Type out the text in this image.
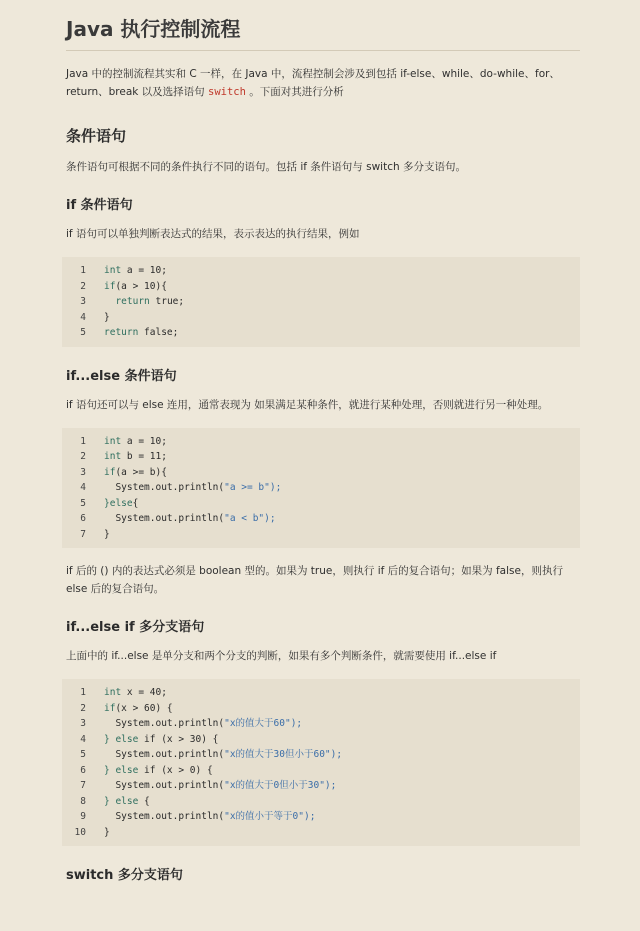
Java 执行控制流程

Java 中的控制流程其实和 C 一样，在 Java 中，流程控制会涉及到包括 if-else、while、do-while、for、return、break 以及选择语句 switch 。下面对其进行分析

条件语句

条件语句可根据不同的条件执行不同的语句。包括 if 条件语句与 switch 多分支语句。

if 条件语句

if 语句可以单独判断表达式的结果，表示表达的执行结果，例如

1 int a = 10;
2 if(a > 10){
3	return true;
4 }
5 return false;
if...else 条件语句

if 语句还可以与 else 连用，通常表现为 如果满足某种条件，就进行某种处理，否则就进行另一种处理。

1 int a = 10;
2 int b = 11;
3 if(a >= b){
4  System.out.println("a >= b");
5 }else{
6  System.out.println("a < b");
7 }

if 后的 () 内的表达式必须是 boolean 型的。如果为 true，则执行 if 后的复合语句；如果为 false，则执行 else 后的复合语句。

if...else if 多分支语句

上面中的 if...else 是单分支和两个分支的判断，如果有多个判断条件，就需要使用 if...else if

1 int x = 40;
2 if(x > 60) {
3  System.out.println("x的值大于60");
4 } else if (x > 30) {
5  System.out.println("x的值大于30但小于60");
6 } else if (x > 0) {
7  System.out.println("x的值大于0但小于30");
8 } else {
9  System.out.println("x的值小于等于0");
10 }
switch 多分支语句
